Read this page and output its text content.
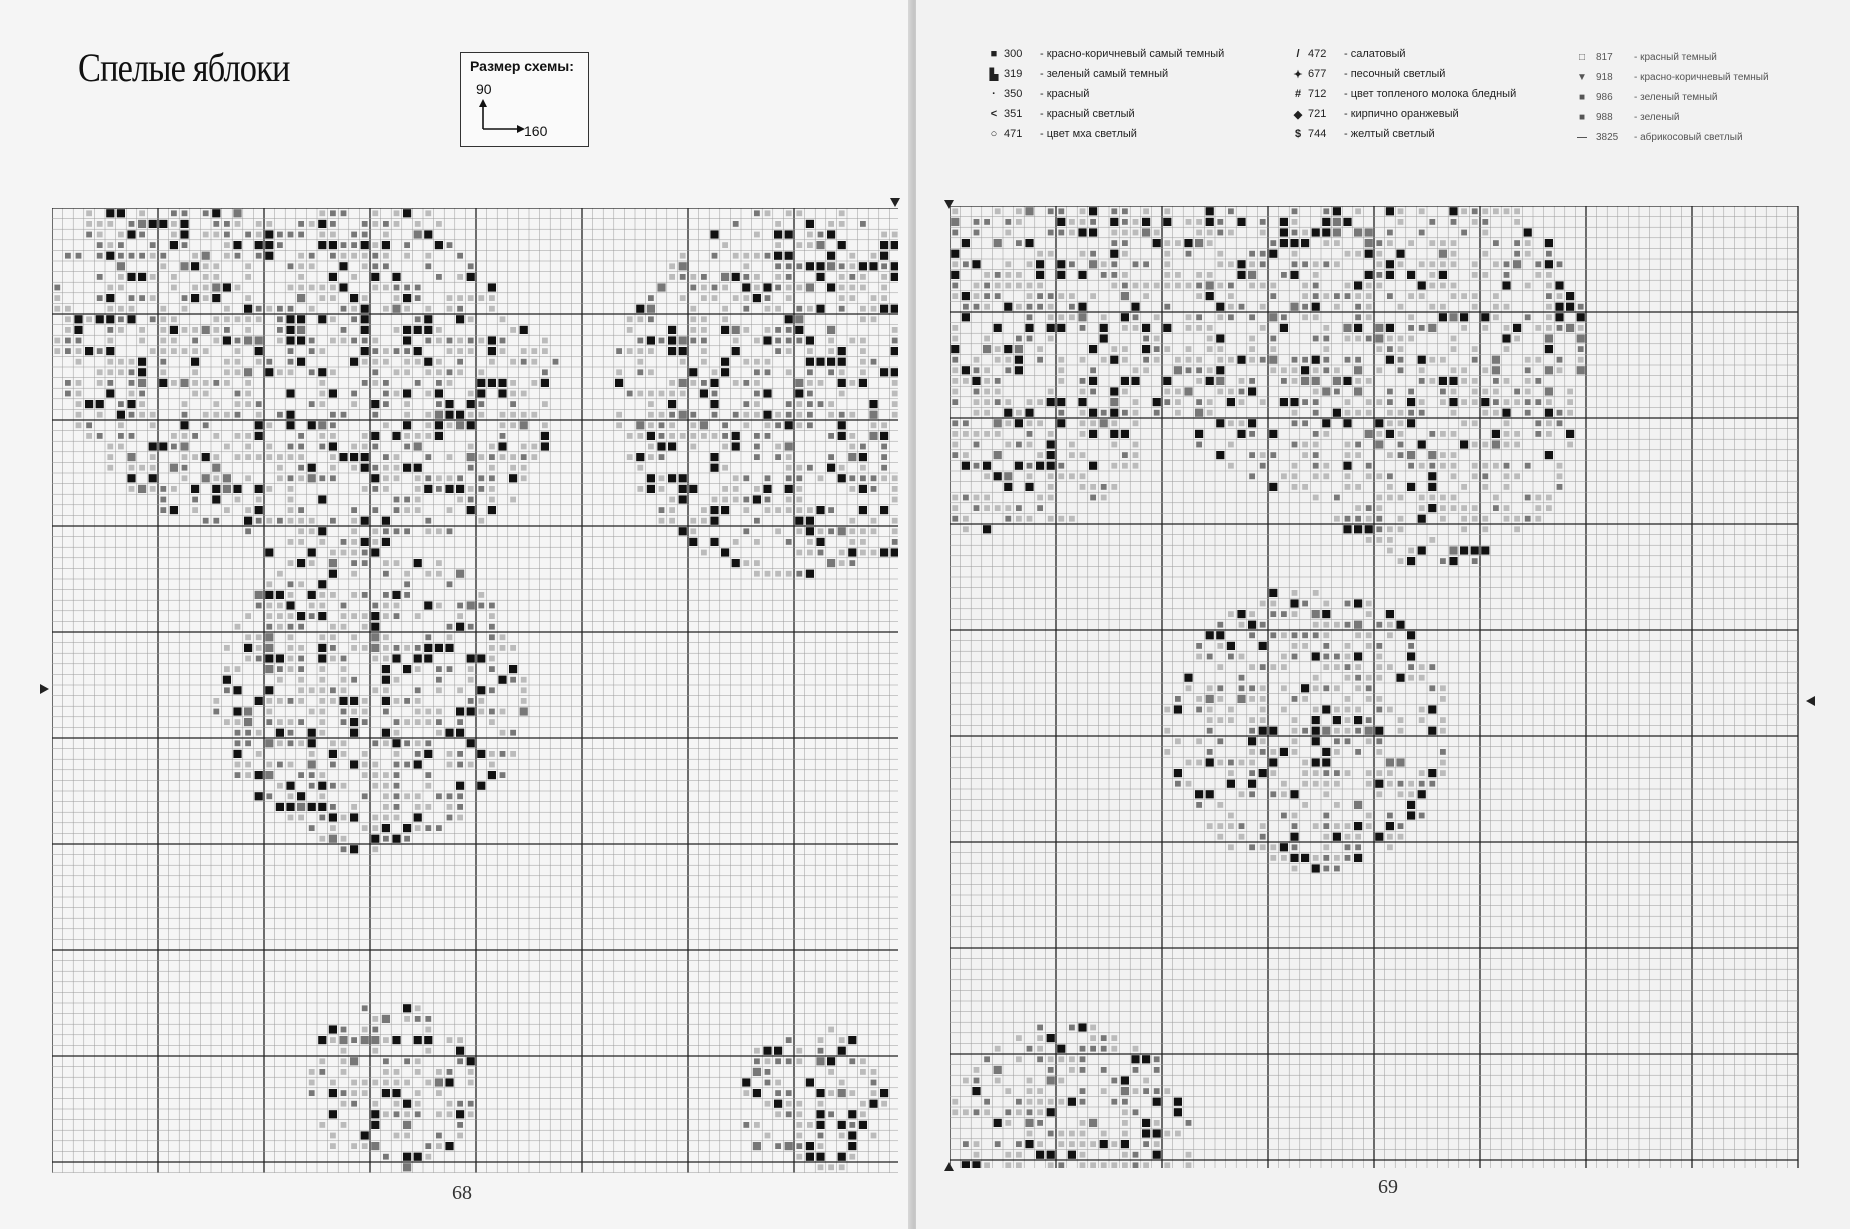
Спелые яблоки	Размер схемы:
90
160
68
■ 300	- красно-коричневый самый темный
▙ 319	- зеленый самый темный
· 350	- красный
< 351	- красный светлый
○ 471	- цвет мха светлый
/ 472	- салатовый
✦ 677	- песочный светлый
# 712	- цвет топленого молока бледный
◆ 721	- кирпично оранжевый
$ 744	- желтый светлый
□ 817	- красный темный
▼ 918	- красно-коричневый темный
■ 986	- зеленый темный
■ 988	- зеленый
— 3825	- абрикосовый светлый
69
